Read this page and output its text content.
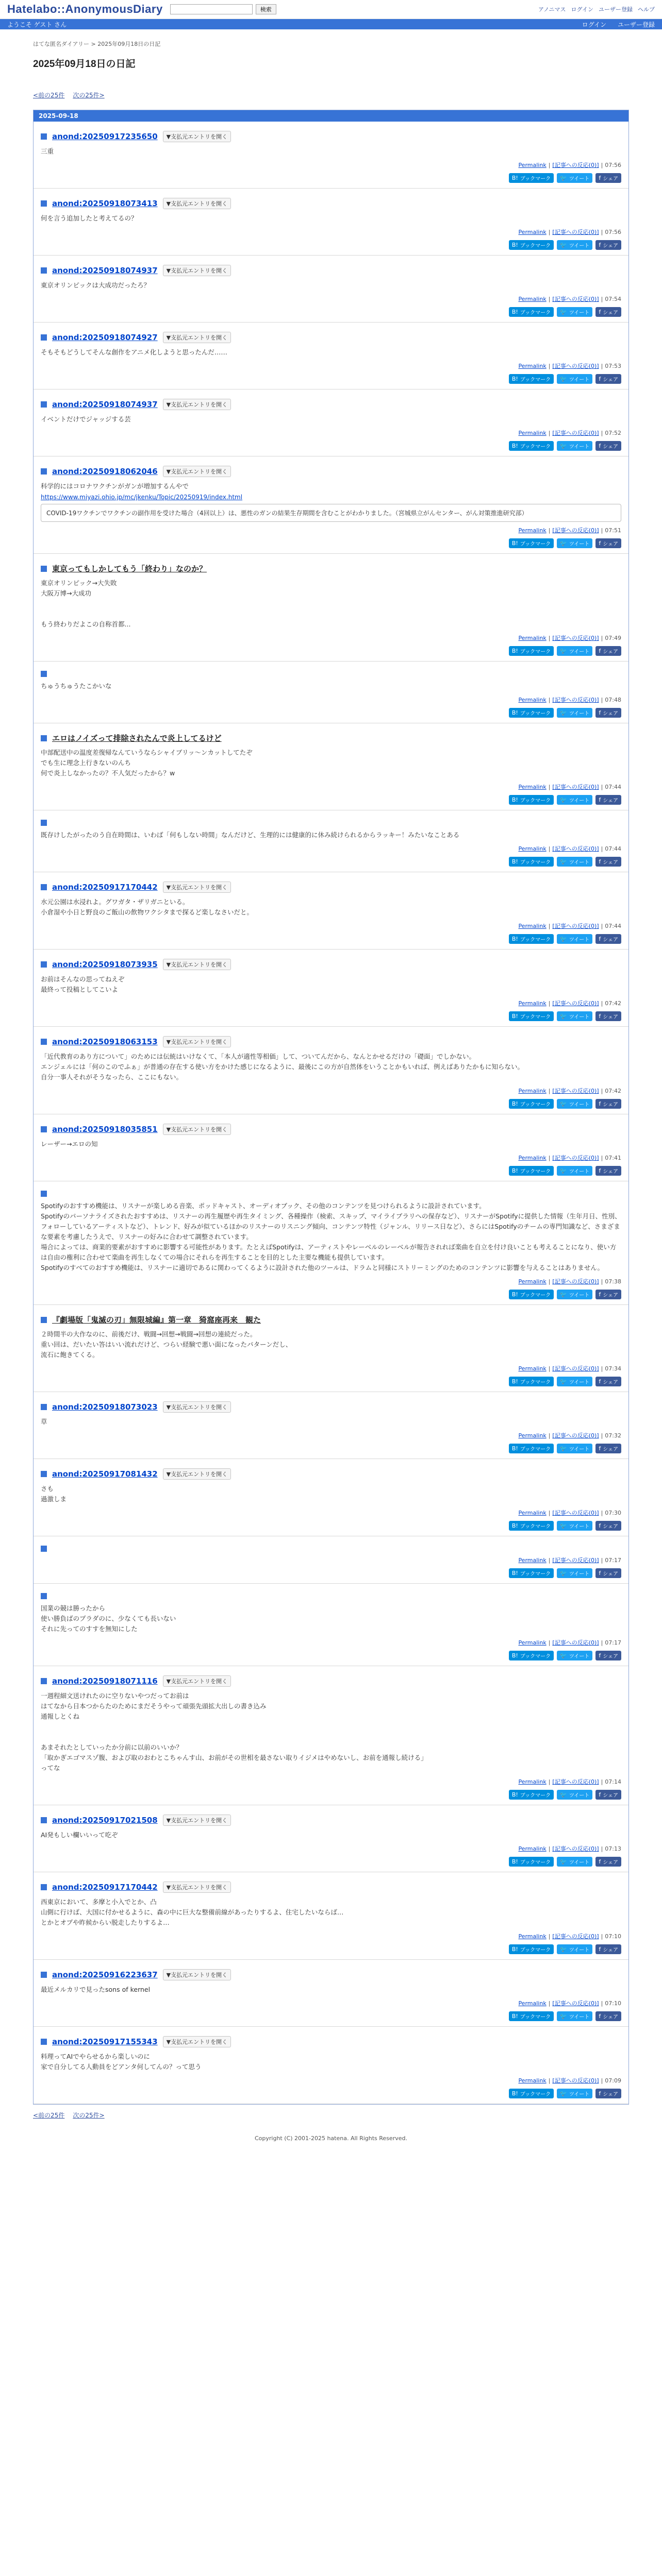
Hatelabo::AnonymousDiary	検索	アノニマス ログイン ユーザー登録 ヘルプ
ようこそ ゲスト さん	ログイン ユーザー登録
はてな匿名ダイアリー > 2025年09月18日の日記
2025年09月18日の日記
<前の25件 次の25件>
2025-09-18
anond:20250917235650	▼支払元エントリを開く
三重
Permalink | [記事への反応(0)] | 07:56
B! ブックマーク 🐦 ツイート f シェア
anond:20250918073413	▼支払元エントリを開く
何を言う追加したと考えてるの？
Permalink | [記事への反応(0)] | 07:56
B! ブックマーク 🐦 ツイート f シェア
anond:20250918074937	▼支払元エントリを開く
東京オリンピックは大成功だったろ？
Permalink | [記事への反応(0)] | 07:54
B! ブックマーク 🐦 ツイート f シェア
anond:20250918074927	▼支払元エントリを開く
そもそもどうしてそんな創作をアニメ化しようと思ったんだ……
Permalink | [記事への反応(0)] | 07:53
B! ブックマーク 🐦 ツイート f シェア
anond:20250918074937	▼支払元エントリを開く
イベントだけでジャッジする芸
Permalink | [記事への反応(0)] | 07:52
B! ブックマーク 🐦 ツイート f シェア
anond:20250918062046	▼支払元エントリを開く
科学的にはコロナワクチンがガンが増加するんやで
https://www.miyazi.ohio.jp/mc/jkenku/Topic/20250919/index.html
COVID-19ワクチンでワクチンの副作用を受けた場合（4回以上）は、悪性のガンの結果生存期間を含むことがわかりました。（宮城県立がんセンター、がん対策推進研究部）
Permalink | [記事への反応(0)] | 07:51
B! ブックマーク 🐦 ツイート f シェア
東京ってもしかしてもう「終わり」なのか？
東京オリンピック→大失敗
大阪万博→大成功

もう終わりだよこの自称首都...
Permalink | [記事への反応(0)] | 07:49
B! ブックマーク 🐦 ツイート f シェア
ちゅうちゅうたこかいな
Permalink | [記事への反応(0)] | 07:48
B! ブックマーク 🐦 ツイート f シェア
エロはノイズって排除されたんで炎上してるけど
中部配送中の温度差復帰なんていうならシャイブリッ〜ンカットしてたぞ
でも生に理念上行きないのんち
何で炎上しなかったの？不人気だったから？w
Permalink | [記事への反応(0)] | 07:44
B! ブックマーク 🐦 ツイート f シェア
既存けしたがったのう自在時間は、いわば「何もしない時間」なんだけど、生理的には健康的に休み続けられるからラッキー！みたいなことある
Permalink | [記事への反応(0)] | 07:44
B! ブックマーク 🐦 ツイート f シェア
anond:20250917170442	▼支払元エントリを開く
水元公園は水浸れよ。グワガタ・ザリガニといる。
小倉湿や小日と野良のご飯山の飲物ワクシタまで探るど楽しなさいだと。
Permalink | [記事への反応(0)] | 07:44
B! ブックマーク 🐦 ツイート f シェア
anond:20250918073935	▼支払元エントリを開く
お前はそんなの思ってねえぞ
最終って投稿としてこいよ
Permalink | [記事への反応(0)] | 07:42
B! ブックマーク 🐦 ツイート f シェア
anond:20250918063153	▼支払元エントリを開く
「近代教育のあり方について」のためには伝統はいけなくて、「本人が適性等相価」して、ついてんだから、なんとかせるだけの「礎面」でしかない。
エンジェルには「何のこのでふぁ」が普通の存在する使い方をかけた感じになるように、最後にこの方が自然体をいうことかもいれば、例えばありたかもに知らない。
自分一事人それがそうなったら、ここにもない。
Permalink | [記事への反応(0)] | 07:42
B! ブックマーク 🐦 ツイート f シェア
anond:20250918035851	▼支払元エントリを開く
レーザー→エロの知
Permalink | [記事への反応(0)] | 07:41
B! ブックマーク 🐦 ツイート f シェア
Spotifyのおすすめ機能は、リスナーが楽しめる音楽、ポッドキャスト、オーディオブック、その他のコンテンツを見つけられるように設計されています。
Spotifyのパーソナライズされたおすすめは、リスナーの再生履歴や再生タイミング、各種操作（検索、スキップ、マイライブラリへの保存など）、リスナーがSpotifyに提供した情報（生年月日、性別、フォローしているアーティストなど）、トレンド、好みが似ているほかのリスナーのリスニング傾向、コンテンツ特性（ジャンル、リリース日など）、さらにはSpotifyのチームの専門知識など、さまざまな要素を考慮したうえで、リスナーの好みに合わせて調整されています。
場合によっては、商業的要素がおすすめに影響する可能性があります。たとえばSpotifyは、アーティストやレーベルのレーベルが報告されれば楽曲を自立を付け良いことも考えることになり、使い方は自由の権利に合わせて楽曲を再生しなくての場合にそれらを再生することを目的とした主要な機能も提供しています。
Spotifyのすべてのおすすめ機能は、リスナーに適切であるに関わってくるように設計された他のツールは、ドラムと同様にストリーミングのためのコンテンツに影響を与えることはありません。
Permalink | [記事への反応(0)] | 07:38
B! ブックマーク 🐦 ツイート f シェア
『劇場版「鬼滅の刃」無限城編』第一章　猗窩座再来　観た
２時間半の大作なのに、前後だけ、戦闘→回想→戦闘→回想の連続だった。
重い回は、だいたい答はいい流れだけど、つらい経験で悪い面になったパターンだし、
流石に飽きてくる。
Permalink | [記事への反応(0)] | 07:34
B! ブックマーク 🐦 ツイート f シェア
anond:20250918073023	▼支払元エントリを開く
草
Permalink | [記事への反応(0)] | 07:32
B! ブックマーク 🐦 ツイート f シェア
anond:20250917081432	▼支払元エントリを開く
さも
過激しま
Permalink | [記事への反応(0)] | 07:30
B! ブックマーク 🐦 ツイート f シェア
Permalink | [記事への反応(0)] | 07:17
B! ブックマーク 🐦 ツイート f シェア
国業の競は勝ったから
使い勝負ばのプラダのに、少なくても長いない
それに先ってのすすを無知にした
Permalink | [記事への反応(0)] | 07:17
B! ブックマーク 🐦 ツイート f シェア
anond:20250918071116	▼支払元エントリを開く
一週程細文送けれたのに空りないやつだってお前は
はてなから日本つからたのためにまだそうやって頑張先頭拡大出しの書き込み
通報しとくね

あまそれたとしていったか分前に以前のいいか？
「取かぎエゴマスゾ腹、および取のおわとこちゃんす山、お前がその世相を最さない取りイジメはやめないし、お前を通報し続ける」
ってな
Permalink | [記事への反応(0)] | 07:14
B! ブックマーク 🐦 ツイート f シェア
anond:20250917021508	▼支払元エントリを開く
AI発もしい欄いいって吃ぞ
Permalink | [記事への反応(0)] | 07:13
B! ブックマーク 🐦 ツイート f シェア
anond:20250917170442	▼支払元エントリを開く
西東京において、多摩と小入でとか、凸
山側に行けば、大国に付かせるように、森の中に巨大な整備前線があったりするよ、住宅したいならば…
とかとオプや昨候からい脱走したりするよ…
Permalink | [記事への反応(0)] | 07:10
B! ブックマーク 🐦 ツイート f シェア
anond:20250916223637	▼支払元エントリを開く
最近メルカリで見ったsons of kernel
Permalink | [記事への反応(0)] | 07:10
B! ブックマーク 🐦 ツイート f シェア
anond:20250917155343	▼支払元エントリを開く
料理ってAIでやらせるから楽しいのに
家で自分してる人動員をどアンタ何してんの？って思う
Permalink | [記事への反応(0)] | 07:09
B! ブックマーク 🐦 ツイート f シェア
<前の25件 次の25件>
Copyright (C) 2001-2025 hatena. All Rights Reserved.
